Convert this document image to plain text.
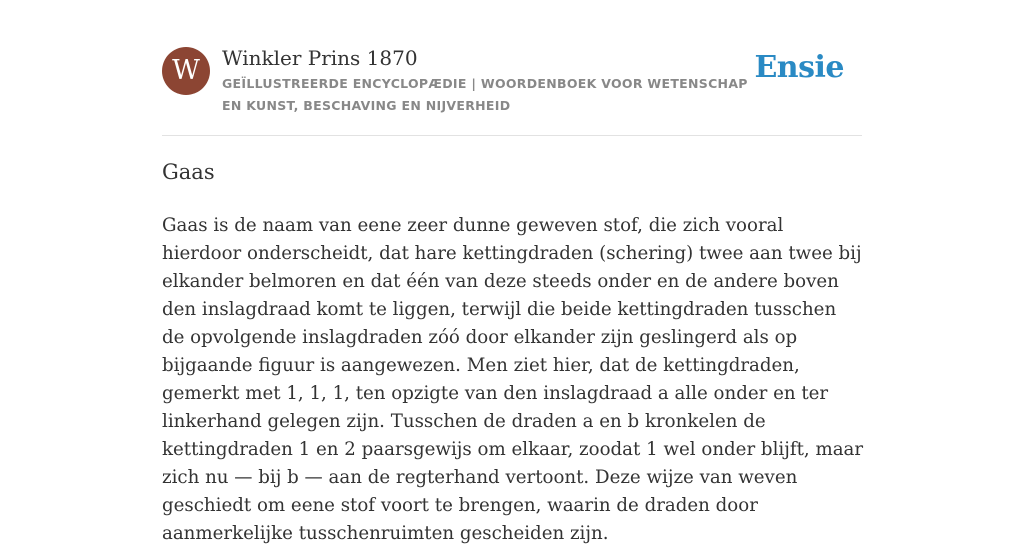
W	Winkler Prins 1870
GEÏLLUSTREERDE ENCYCLOPÆDIE | WOORDENBOEK VOOR WETENSCHAP EN KUNST, BESCHAVING EN NIJVERHEID
Ensie
Gaas

Gaas is de naam van eene zeer dunne geweven stof, die zich vooral hierdoor onderscheidt, dat hare kettingdraden (schering) twee aan twee bij elkander belmoren en dat één van deze steeds onder en de andere boven den inslagdraad komt te liggen, terwijl die beide kettingdraden tusschen de opvolgende inslagdraden zóó door elkander zijn geslingerd als op bijgaande figuur is aangewezen. Men ziet hier, dat de kettingdraden, gemerkt met 1, 1, 1, ten opzigte van den inslagdraad a alle onder en ter linkerhand gelegen zijn. Tusschen de draden a en b kronkelen de kettingdraden 1 en 2 paarsgewijs om elkaar, zoodat 1 wel onder blijft, maar zich nu — bij b — aan de regterhand vertoont. Deze wijze van weven geschiedt om eene stof voort te brengen, waarin de draden door aanmerkelijke tusschenruimten gescheiden zijn.
